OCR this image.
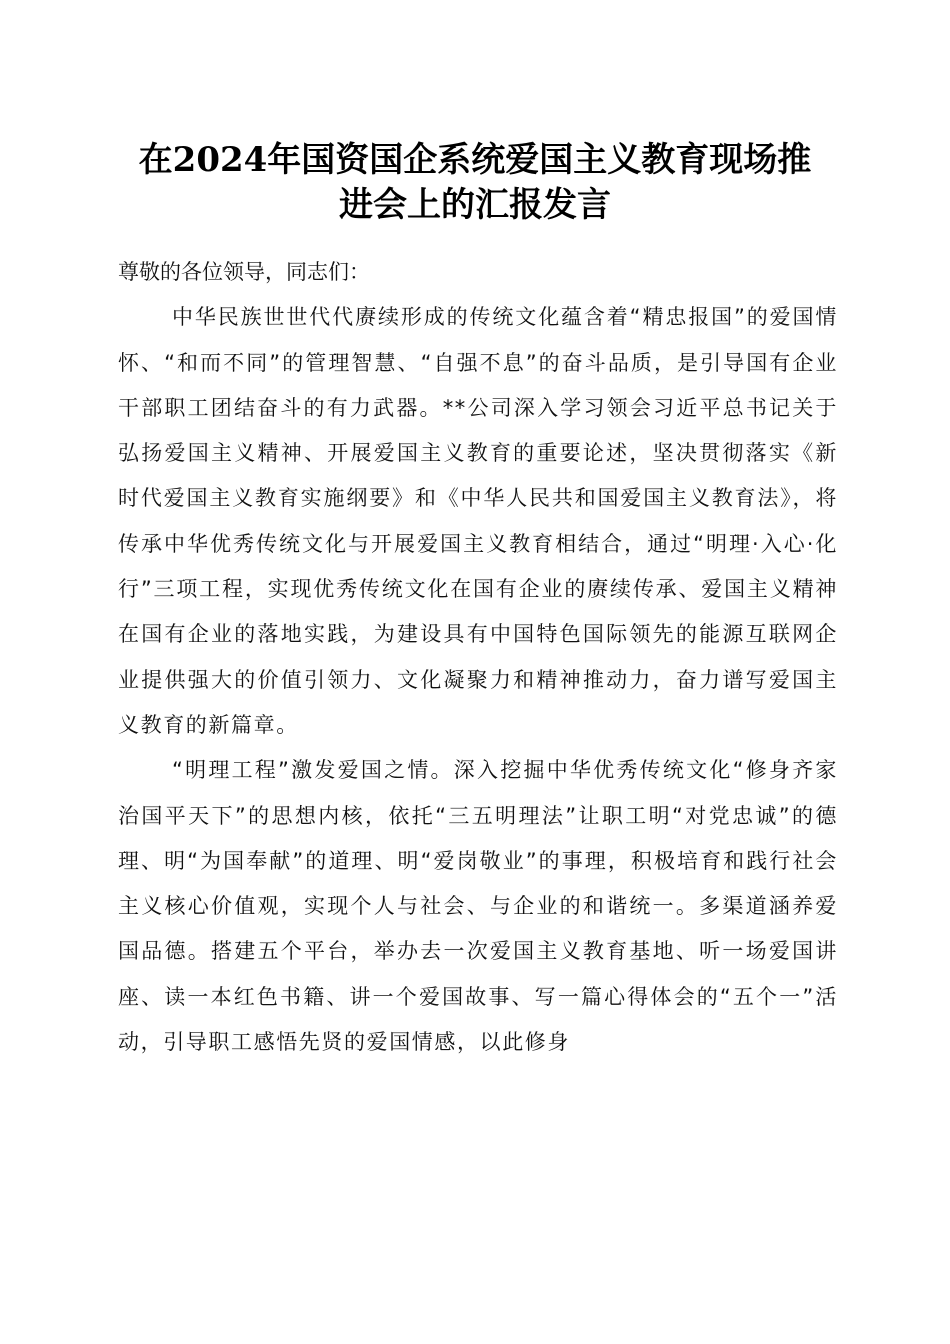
在2024年国资国企系统爱国主义教育现场推
进会上的汇报发言

尊敬的各位领导，同志们：

中华民族世世代代赓续形成的传统文化蕴含着“精忠报国”的爱国情怀、“和而不同”的管理智慧、“自强不息”的奋斗品质，是引导国有企业干部职工团结奋斗的有力武器。**公司深入学习领会习近平总书记关于弘扬爱国主义精神、开展爱国主义教育的重要论述，坚决贯彻落实《新时代爱国主义教育实施纲要》和《中华人民共和国爱国主义教育法》，将传承中华优秀传统文化与开展爱国主义教育相结合，通过“明理·入心·化行”三项工程，实现优秀传统文化在国有企业的赓续传承、爱国主义精神在国有企业的落地实践，为建设具有中国特色国际领先的能源互联网企业提供强大的价值引领力、文化凝聚力和精神推动力，奋力谱写爱国主义教育的新篇章。

“明理工程”激发爱国之情。深入挖掘中华优秀传统文化“修身齐家治国平天下”的思想内核，依托“三五明理法”让职工明“对党忠诚”的德理、明“为国奉献”的道理、明“爱岗敬业”的事理，积极培育和践行社会主义核心价值观，实现个人与社会、与企业的和谐统一。多渠道涵养爱国品德。搭建五个平台，举办去一次爱国主义教育基地、听一场爱国讲座、读一本红色书籍、讲一个爱国故事、写一篇心得体会的“五个一”活动，引导职工感悟先贤的爱国情感，以此修身
